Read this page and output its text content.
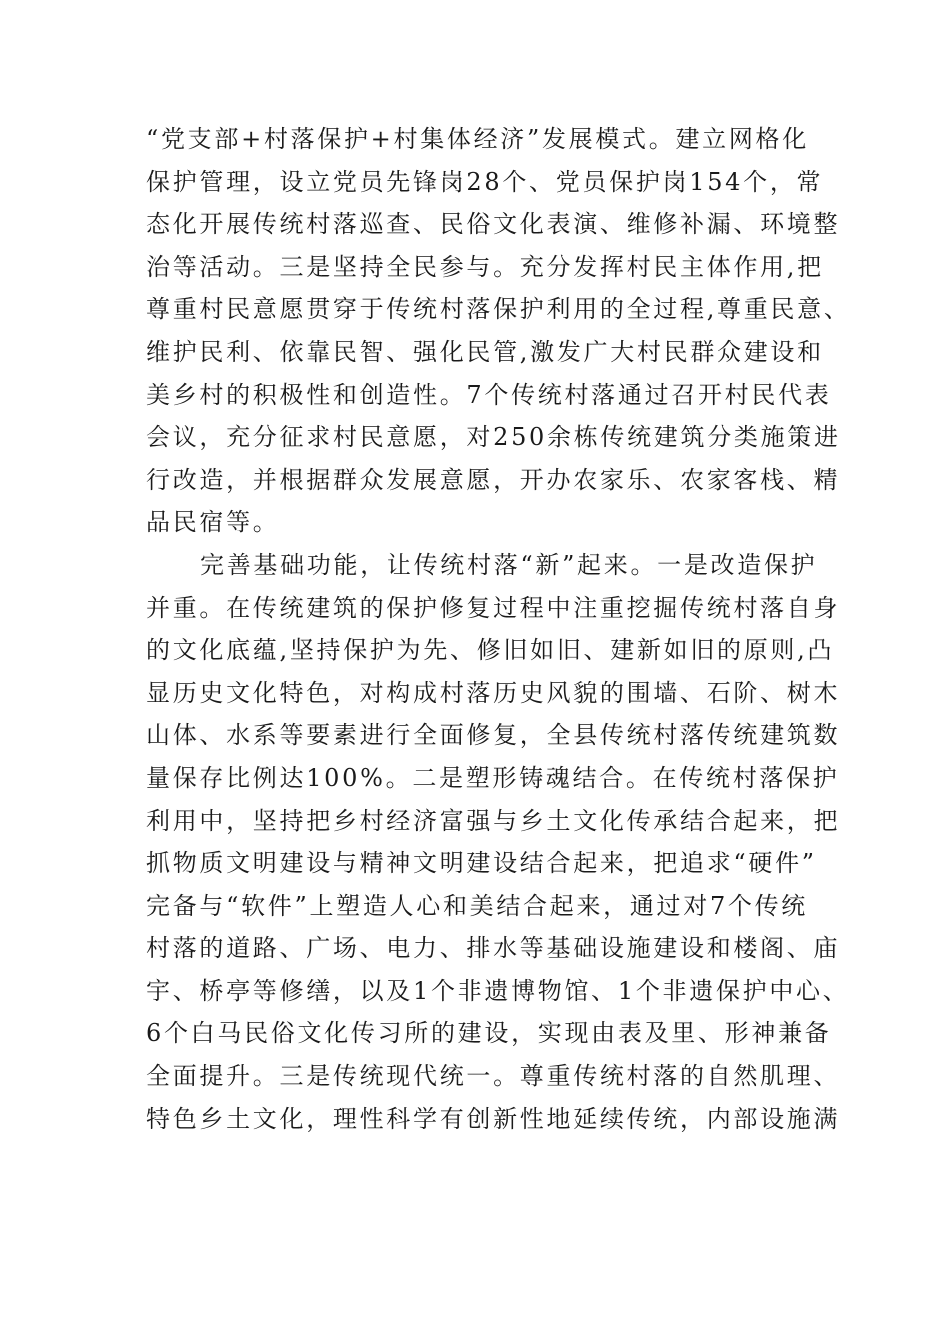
“党支部+村落保护+村集体经济”发展模式。建立网格化
保护管理，设立党员先锋岗28个、党员保护岗154个，常
态化开展传统村落巡查、民俗文化表演、维修补漏、环境整
治等活动。三是坚持全民参与。充分发挥村民主体作用,把
尊重村民意愿贯穿于传统村落保护利用的全过程,尊重民意、
维护民利、依靠民智、强化民管,激发广大村民群众建设和
美乡村的积极性和创造性。7个传统村落通过召开村民代表
会议，充分征求村民意愿，对250余栋传统建筑分类施策进
行改造，并根据群众发展意愿，开办农家乐、农家客栈、精
品民宿等。
完善基础功能，让传统村落“新”起来。一是改造保护
并重。在传统建筑的保护修复过程中注重挖掘传统村落自身
的文化底蕴,坚持保护为先、修旧如旧、建新如旧的原则,凸
显历史文化特色，对构成村落历史风貌的围墙、石阶、树木
山体、水系等要素进行全面修复，全县传统村落传统建筑数
量保存比例达100%。二是塑形铸魂结合。在传统村落保护
利用中，坚持把乡村经济富强与乡土文化传承结合起来，把
抓物质文明建设与精神文明建设结合起来，把追求“硬件”
完备与“软件”上塑造人心和美结合起来，通过对7个传统
村落的道路、广场、电力、排水等基础设施建设和楼阁、庙
宇、桥亭等修缮，以及1个非遗博物馆、1个非遗保护中心、
6个白马民俗文化传习所的建设，实现由表及里、形神兼备
全面提升。三是传统现代统一。尊重传统村落的自然肌理、
特色乡土文化，理性科学有创新性地延续传统，内部设施满
